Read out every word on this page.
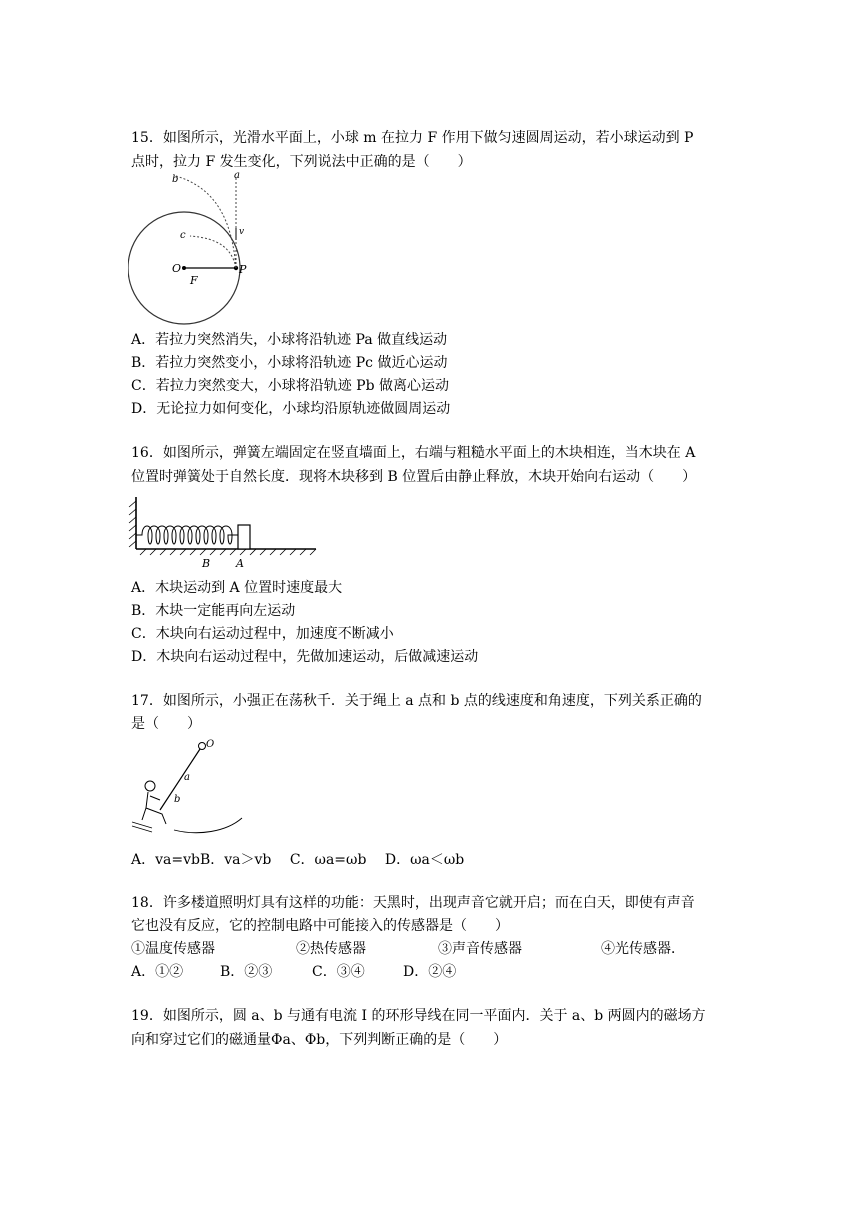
15．如图所示，光滑水平面上，小球 m 在拉力 F 作用下做匀速圆周运动，若小球运动到 P
点时，拉力 F 发生变化，下列说法中正确的是（　　）
b	a
v
c
O	P
F
A．若拉力突然消失，小球将沿轨迹 Pa 做直线运动
B．若拉力突然变小，小球将沿轨迹 Pc 做近心运动
C．若拉力突然变大，小球将沿轨迹 Pb 做离心运动
D．无论拉力如何变化，小球均沿原轨迹做圆周运动
16．如图所示，弹簧左端固定在竖直墙面上，右端与粗糙水平面上的木块相连，当木块在 A
位置时弹簧处于自然长度．现将木块移到 B 位置后由静止释放，木块开始向右运动（　　）
B A
A．木块运动到 A 位置时速度最大
B．木块一定能再向左运动
C．木块向右运动过程中，加速度不断减小
D．木块向右运动过程中，先做加速运动，后做减速运动
17．如图所示，小强正在荡秋千．关于绳上 a 点和 b 点的线速度和角速度，下列关系正确的
是（　　）
O
a
b
A．va=vbB．va＞vb　 C．ωa=ωb　 D．ωa＜ωb
18．许多楼道照明灯具有这样的功能：天黑时，出现声音它就开启；而在白天，即使有声音
它也没有反应，它的控制电路中可能接入的传感器是（　　）
①温度传感器	②热传感器	③声音传感器	④光传感器．
A．①②	B．②③	C．③④	D．②④
19．如图所示，圆 a、b 与通有电流 I 的环形导线在同一平面内．关于 a、b 两圆内的磁场方
向和穿过它们的磁通量Φa、Φb，下列判断正确的是（　　）
